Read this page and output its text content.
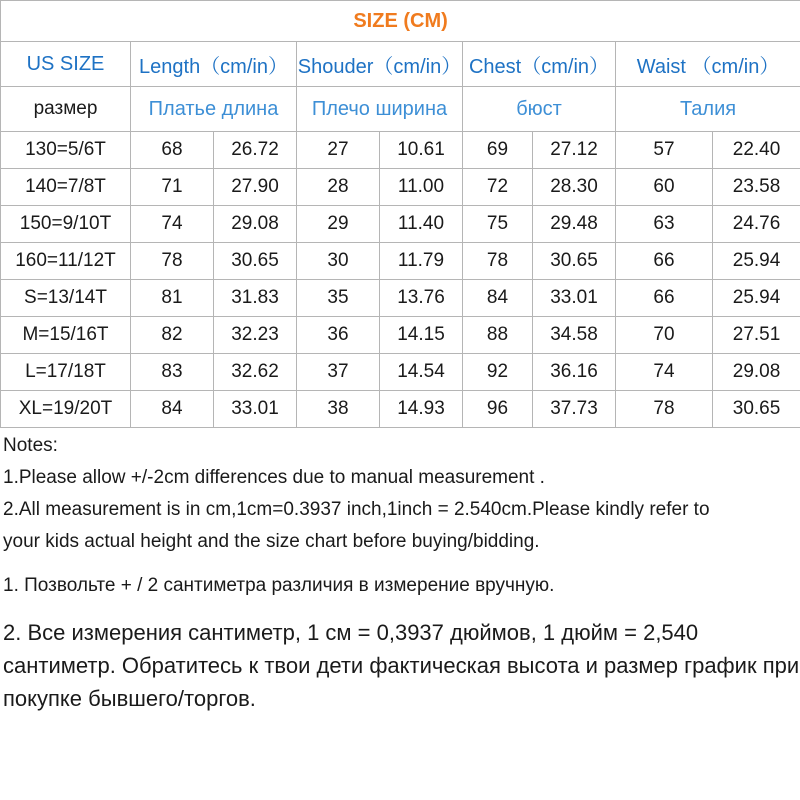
SIZE (CM)								
US SIZE	Length（cm/in）		Shouder（cm/in）		Chest（cm/in）		Waist （cm/in）	
размер	Платье длина		Плечо ширина		бюст		Талия	
130=5/6T	68	26.72	27	10.61	69	27.12	57	22.40
140=7/8T	71	27.90	28	11.00	72	28.30	60	23.58
150=9/10T	74	29.08	29	11.40	75	29.48	63	24.76
160=11/12T	78	30.65	30	11.79	78	30.65	66	25.94
S=13/14T	81	31.83	35	13.76	84	33.01	66	25.94
M=15/16T	82	32.23	36	14.15	88	34.58	70	27.51
L=17/18T	83	32.62	37	14.54	92	36.16	74	29.08
XL=19/20T	84	33.01	38	14.93	96	37.73	78	30.65
Notes:
1.Please allow +/-2cm differences due to manual measurement .
2.All measurement is in cm,1cm=0.3937 inch,1inch = 2.540cm.Please kindly refer to
your kids actual height and the size chart before buying/bidding.
1. Позвольте + / 2 сантиметра различия в измерение вручную.
2. Все измерения сантиметр, 1 см = 0,3937 дюймов, 1 дюйм = 2,540 сантиметр. Обратитесь к твои дети фактическая высота и размер график при покупке бывшего/торгов.
